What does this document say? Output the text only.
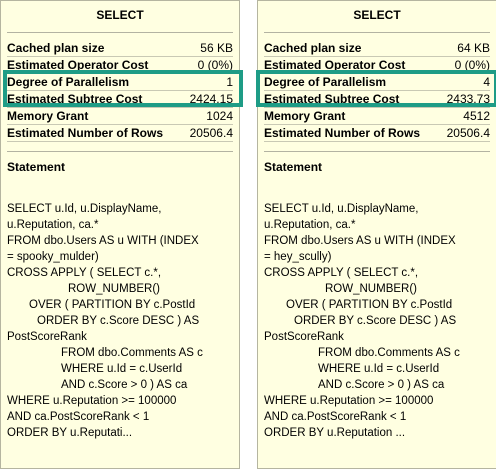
SELECT
Cached plan size	56 KB
Estimated Operator Cost	0 (0%)
Degree of Parallelism	1
Estimated Subtree Cost	2424.15
Memory Grant	1024
Estimated Number of Rows 20506.4
Statement
SELECT u.Id, u.DisplayName,
u.Reputation, ca.*
FROM dbo.Users AS u WITH (INDEX
= spooky_mulder)
CROSS APPLY ( SELECT c.*,
ROW_NUMBER()
OVER ( PARTITION BY c.PostId
ORDER BY c.Score DESC ) AS
PostScoreRank
FROM dbo.Comments AS c
WHERE u.Id = c.UserId
AND c.Score > 0 ) AS ca
WHERE u.Reputation >= 100000
AND ca.PostScoreRank < 1
ORDER BY u.Reputati...
SELECT
Cached plan size	64 KB
Estimated Operator Cost	0 (0%)
Degree of Parallelism	4
Estimated Subtree Cost	2433.73
Memory Grant	4512
Estimated Number of Rows 20506.4
Statement
SELECT u.Id, u.DisplayName,
u.Reputation, ca.*
FROM dbo.Users AS u WITH (INDEX
= hey_scully)
CROSS APPLY ( SELECT c.*,
ROW_NUMBER()
OVER ( PARTITION BY c.PostId
ORDER BY c.Score DESC ) AS
PostScoreRank
FROM dbo.Comments AS c
WHERE u.Id = c.UserId
AND c.Score > 0 ) AS ca
WHERE u.Reputation >= 100000
AND ca.PostScoreRank < 1
ORDER BY u.Reputation ...
